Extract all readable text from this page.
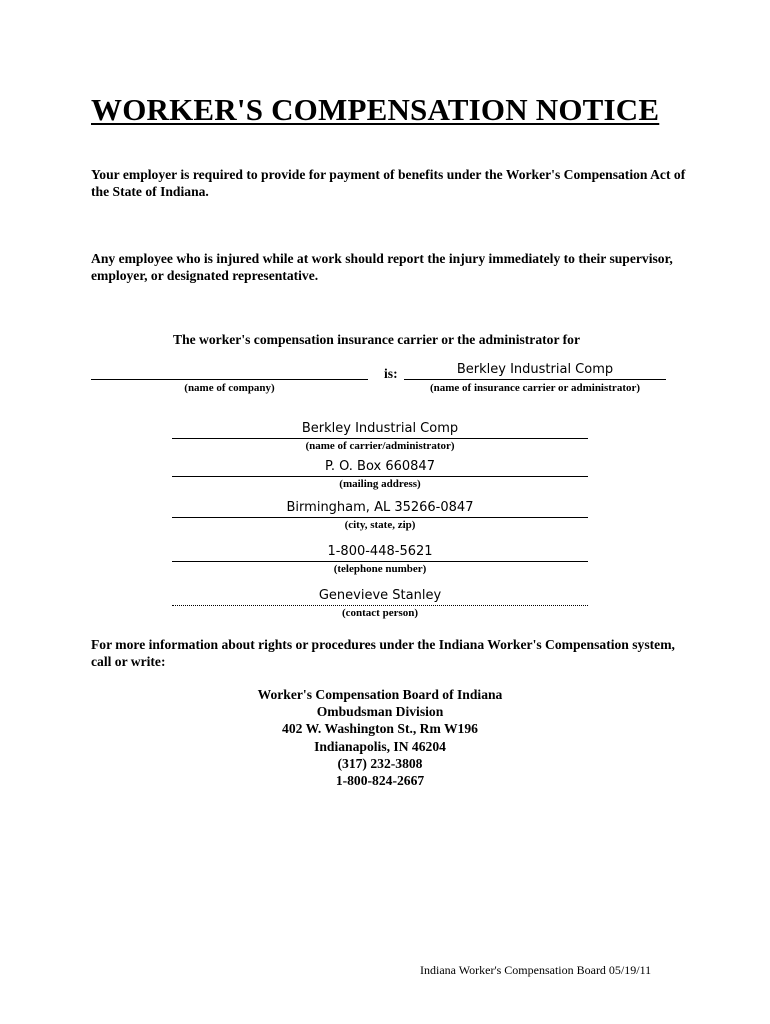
WORKER'S COMPENSATION NOTICE
Your employer is required to provide for payment of benefits under the Worker's Compensation Act of the State of Indiana.
Any employee who is injured while at work should report the injury immediately to their supervisor, employer, or designated representative.
The worker's compensation insurance carrier or the administrator for
(name of company)
is:	Berkley Industrial Comp
(name of insurance carrier or administrator)
Berkley Industrial Comp
(name of carrier/administrator)
P. O. Box 660847
(mailing address)
Birmingham, AL 35266-0847
(city, state, zip)
1-800-448-5621
(telephone number)
Genevieve Stanley
(contact person)
For more information about rights or procedures under the Indiana Worker's Compensation system, call or write:
Worker's Compensation Board of Indiana
Ombudsman Division
402 W. Washington St., Rm W196
Indianapolis, IN 46204
(317) 232-3808
1-800-824-2667
Indiana Worker's Compensation Board 05/19/11
